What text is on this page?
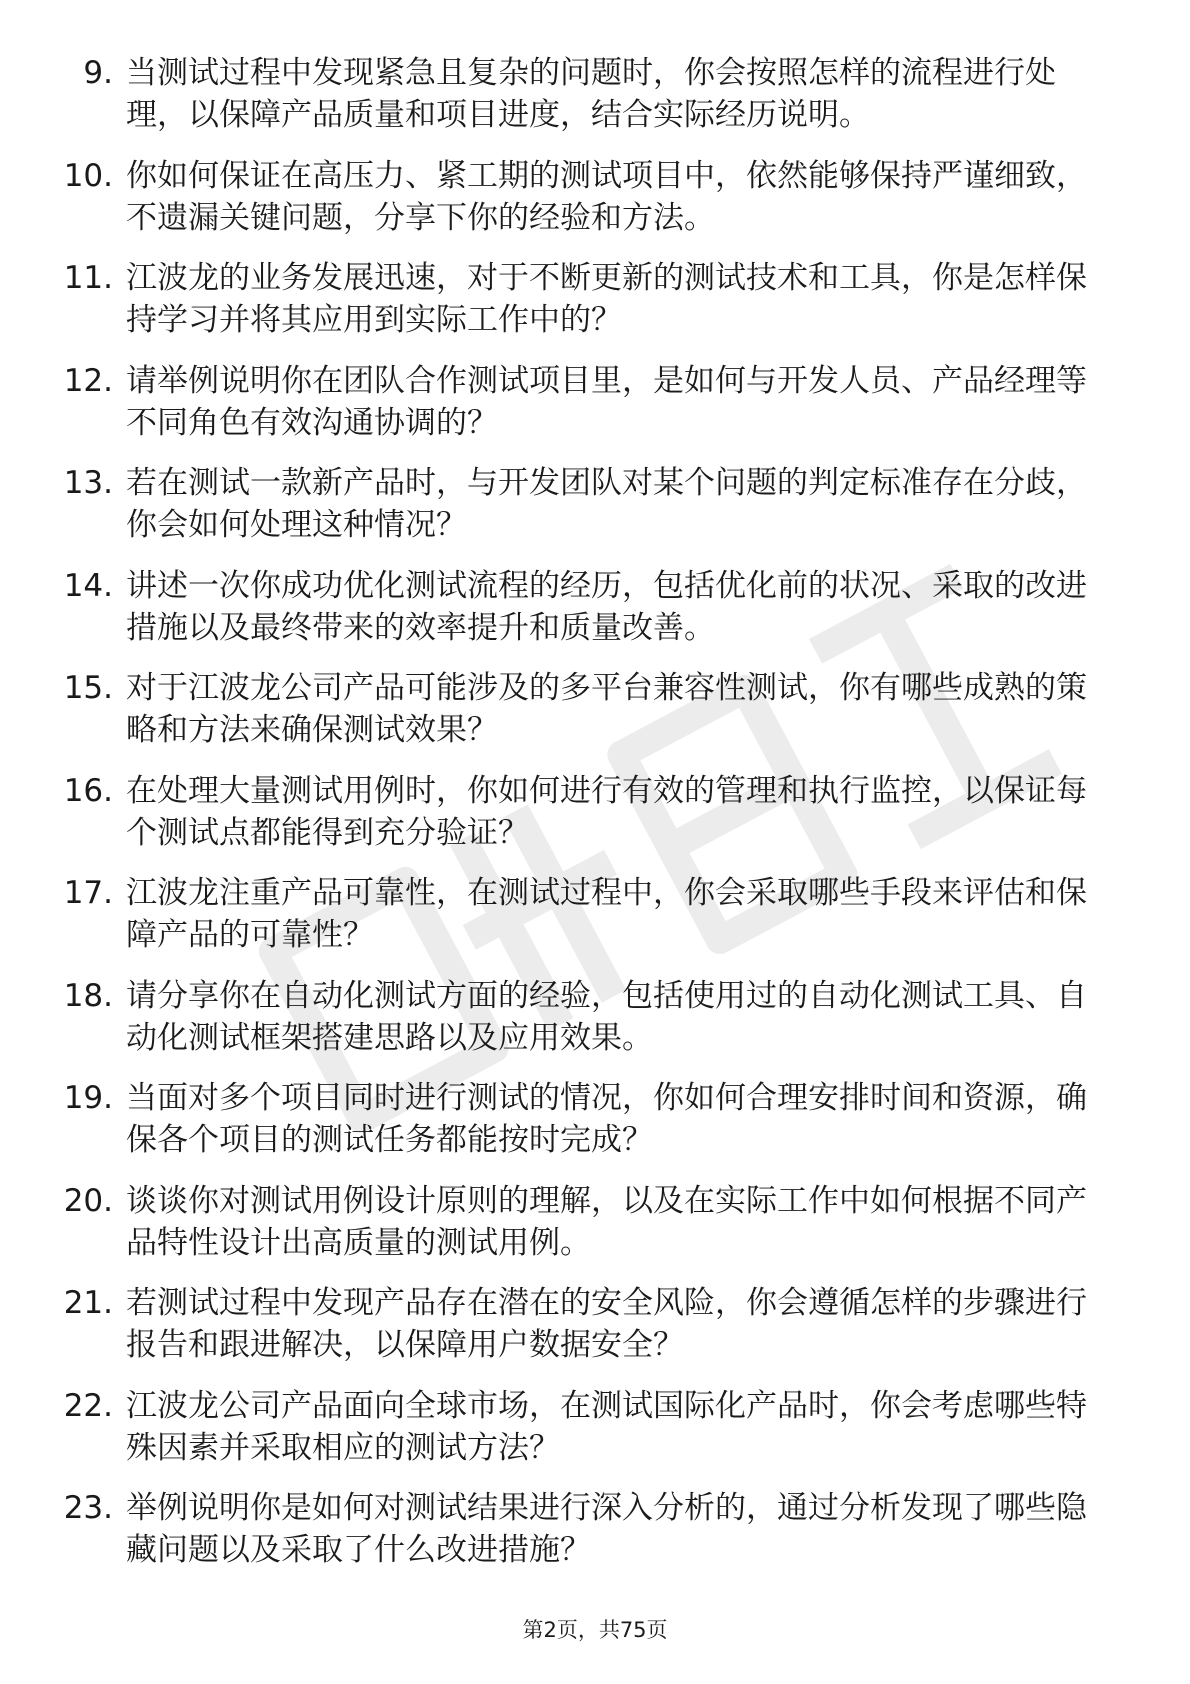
9. 当测试过程中发现紧急且复杂的问题时，你会按照怎样的流程进行处理，以保障产品质量和项目进度，结合实际经历说明。

10. 你如何保证在高压力、紧工期的测试项目中，依然能够保持严谨细致，不遗漏关键问题，分享下你的经验和方法。

11. 江波龙的业务发展迅速，对于不断更新的测试技术和工具，你是怎样保持学习并将其应用到实际工作中的？

12. 请举例说明你在团队合作测试项目里，是如何与开发人员、产品经理等不同角色有效沟通协调的？

13. 若在测试一款新产品时，与开发团队对某个问题的判定标准存在分歧，你会如何处理这种情况？

14. 讲述一次你成功优化测试流程的经历，包括优化前的状况、采取的改进措施以及最终带来的效率提升和质量改善。

15. 对于江波龙公司产品可能涉及的多平台兼容性测试，你有哪些成熟的策略和方法来确保测试效果？

16. 在处理大量测试用例时，你如何进行有效的管理和执行监控，以保证每个测试点都能得到充分验证？

17. 江波龙注重产品可靠性，在测试过程中，你会采取哪些手段来评估和保障产品的可靠性？

18. 请分享你在自动化测试方面的经验，包括使用过的自动化测试工具、自动化测试框架搭建思路以及应用效果。

19. 当面对多个项目同时进行测试的情况，你如何合理安排时间和资源，确保各个项目的测试任务都能按时完成？

20. 谈谈你对测试用例设计原则的理解，以及在实际工作中如何根据不同产品特性设计出高质量的测试用例。

21. 若测试过程中发现产品存在潜在的安全风险，你会遵循怎样的步骤进行报告和跟进解决，以保障用户数据安全？

22. 江波龙公司产品面向全球市场，在测试国际化产品时，你会考虑哪些特殊因素并采取相应的测试方法？

23. 举例说明你是如何对测试结果进行深入分析的，通过分析发现了哪些隐藏问题以及采取了什么改进措施？

第2页，共75页
